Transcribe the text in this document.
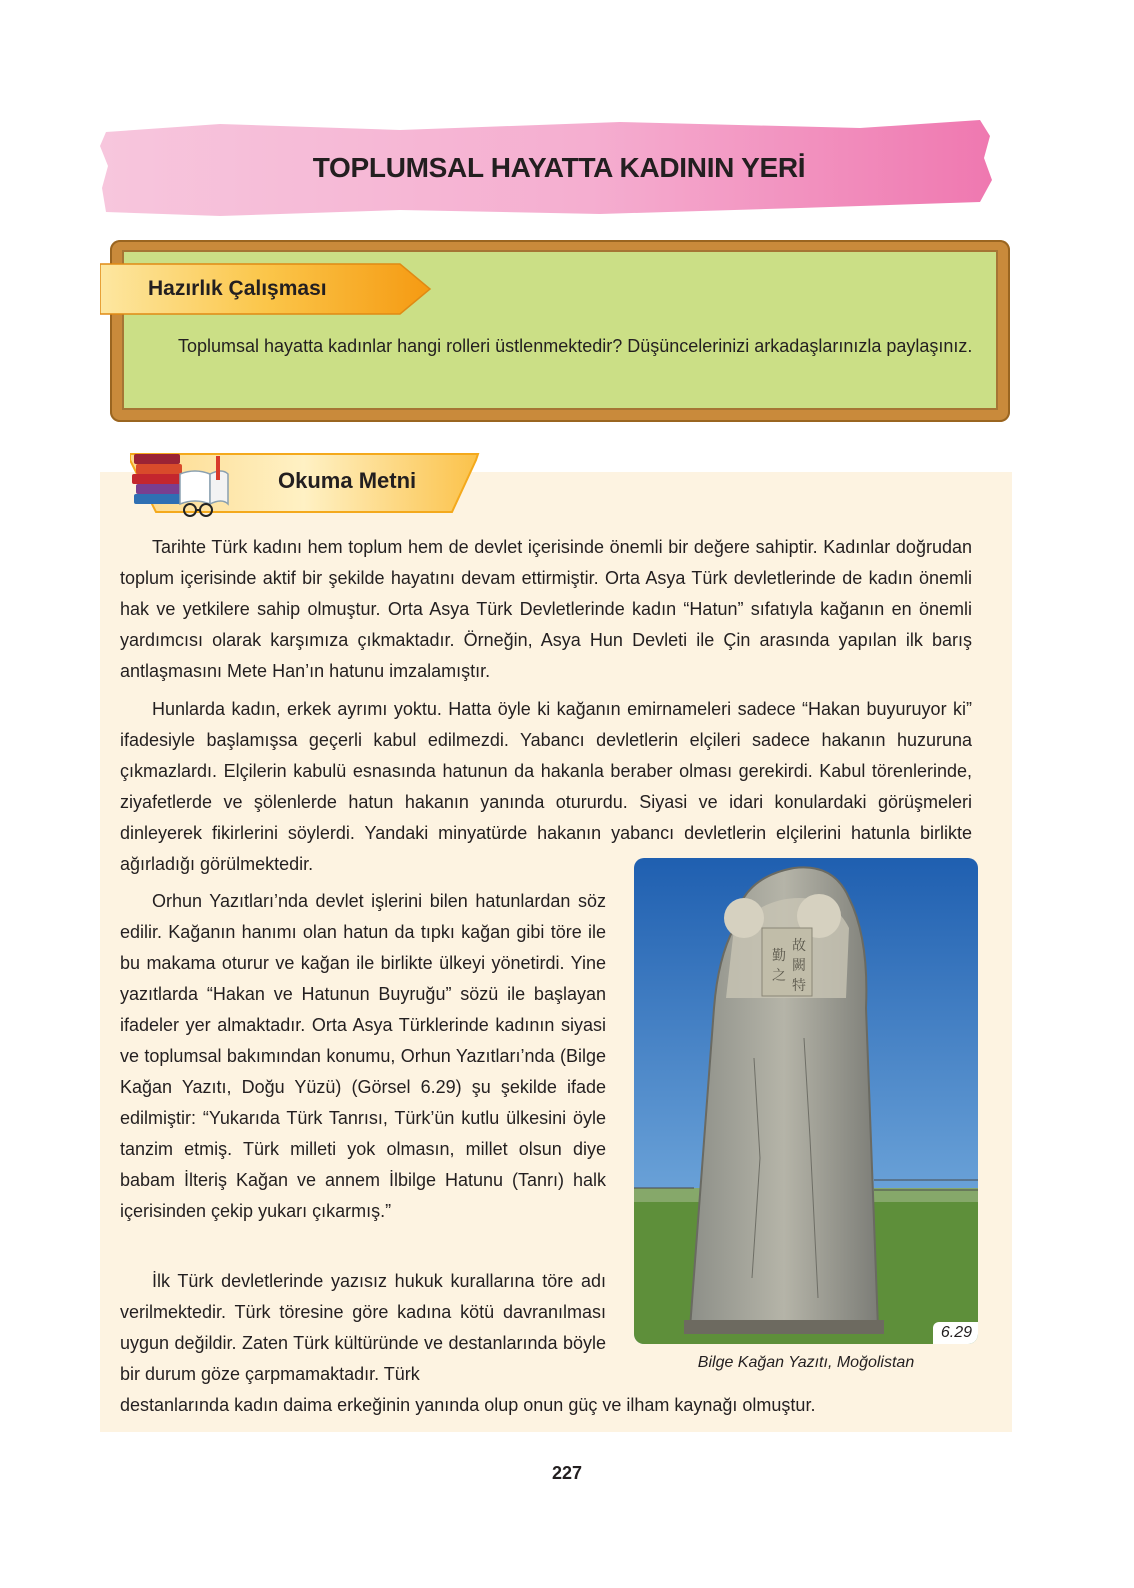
TOPLUMSAL HAYATTA KADININ YERİ
Hazırlık Çalışması

Toplumsal hayatta kadınlar hangi rolleri üstlenmektedir? Düşüncelerinizi arkadaşlarınızla paylaşınız.

Okuma Metni

Tarihte Türk kadını hem toplum hem de devlet içerisinde önemli bir değere sahiptir. Kadınlar doğrudan toplum içerisinde aktif bir şekilde hayatını devam ettirmiştir. Orta Asya Türk devletlerinde de kadın önemli hak ve yetkilere sahip olmuştur. Orta Asya Türk Devletlerinde kadın “Hatun” sıfatıyla kağanın en önemli yardımcısı olarak karşımıza çıkmaktadır. Örneğin, Asya Hun Devleti ile Çin arasında yapılan ilk barış antlaşmasını Mete Han’ın hatunu imzalamıştır.

Hunlarda kadın, erkek ayrımı yoktu. Hatta öyle ki kağanın emirnameleri sadece “Hakan buyuruyor ki” ifadesiyle başlamışsa geçerli kabul edilmezdi. Yabancı devletlerin elçileri sadece hakanın huzuruna çıkmazlardı. Elçilerin kabulü esnasında hatunun da hakanla beraber olması gerekirdi. Kabul törenlerinde, ziyafetlerde ve şölenlerde hatun hakanın yanında otururdu. Siyasi ve idari konulardaki görüşmeleri dinleyerek fikirlerini söylerdi. Yandaki minyatürde hakanın yabancı devletlerin elçilerini hatunla birlikte ağırladığı görülmektedir.

Orhun Yazıtları’nda devlet işlerini bilen hatunlardan söz edilir. Kağanın hanımı olan hatun da tıpkı kağan gibi töre ile bu makama oturur ve kağan ile birlikte ülkeyi yönetirdi. Yine yazıtlarda “Hakan ve Hatunun Buyruğu” sözü ile başlayan ifadeler yer almaktadır. Orta Asya Türklerinde kadının siyasi ve toplumsal bakımından konumu, Orhun Yazıtları’nda (Bilge Kağan Yazıtı, Doğu Yüzü) (Görsel 6.29) şu şekilde ifade edilmiştir: “Yukarıda Türk Tanrısı, Türk’ün kutlu ülkesini öyle tanzim etmiş. Türk milleti yok olmasın, millet olsun diye babam İlteriş Kağan ve annem İlbilge Hatunu (Tanrı) halk içerisinden çekip yukarı çıkarmış.”

İlk Türk devletlerinde yazısız hukuk kurallarına töre adı verilmektedir. Türk töresine göre kadına kötü davranılması uygun değildir. Zaten Türk kültüründe ve destanlarında böyle bir durum göze çarpmamaktadır. Türk

destanlarında kadın daima erkeğinin yanında olup onun güç ve ilham kaynağı olmuştur.
故
闕
特
勤
之
6.29
Bilge Kağan Yazıtı, Moğolistan
227
